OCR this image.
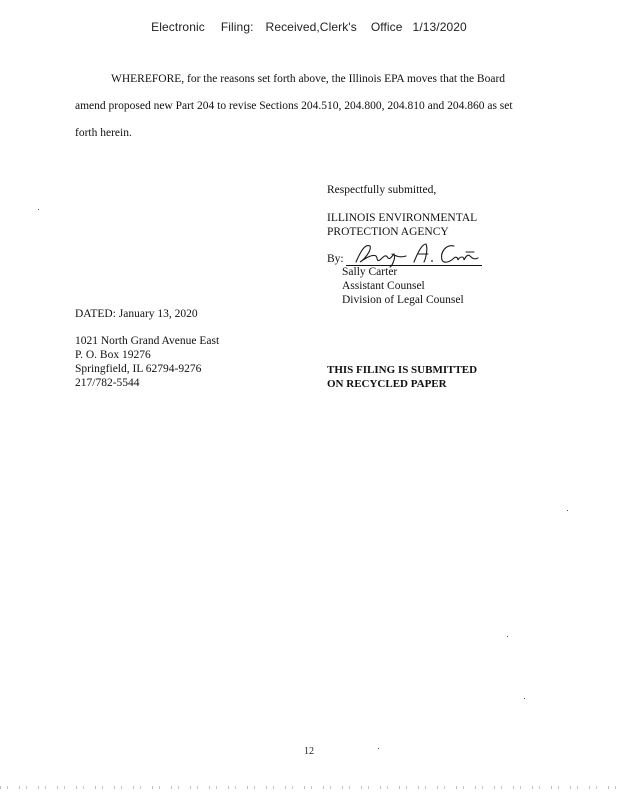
Electronic Filing: Received,Clerk's Office 1/13/2020

WHEREFORE, for the reasons set forth above, the Illinois EPA moves that the Board

amend proposed new Part 204 to revise Sections 204.510, 204.800, 204.810 and 204.860 as set

forth herein.

Respectfully submitted,
ILLINOIS ENVIRONMENTAL
PROTECTION AGENCY
By:
Sally Carter
Assistant Counsel
Division of Legal Counsel
DATED: January 13, 2020
1021 North Grand Avenue East
P. O. Box 19276
Springfield, IL 62794-9276
217/782-5544
THIS FILING IS SUBMITTED
ON RECYCLED PAPER
12
